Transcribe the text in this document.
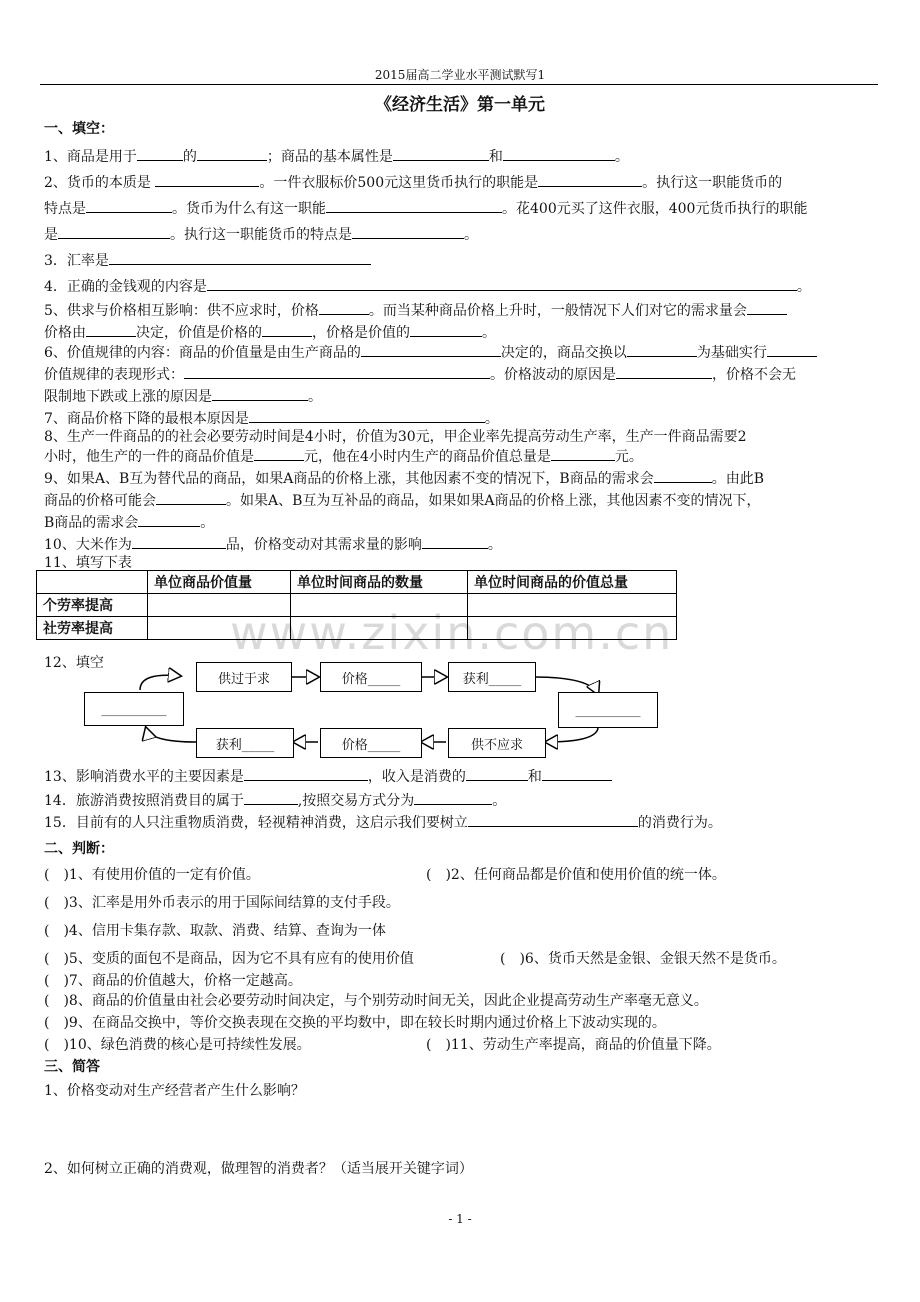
www.zixin.com.cn
2015届高二学业水平测试默写1
《经济生活》第一单元
一、填空：
1、商品是用于	的	；商品的基本属性是	和	。
2、货币的本质是	。一件衣服标价500元这里货币执行的职能是	。执行这一职能货币的
特点是	。货币为什么有这一职能	。花400元买了这件衣服，400元货币执行的职能
是	。执行这一职能货币的特点是	。
3．汇率是
4．正确的金钱观的内容是	。
5、供求与价格相互影响：供不应求时，价格	。而当某种商品价格上升时，一般情况下人们对它的需求量会
价格由	决定，价值是价格的	，价格是价值的	。
6、价值规律的内容：商品的价值量是由生产商品的	决定的，商品交换以	为基础实行
价值规律的表现形式：	。价格波动的原因是	，价格不会无
限制地下跌或上涨的原因是	。
7、商品价格下降的最根本原因是	。
8、生产一件商品的的社会必要劳动时间是4小时，价值为30元，甲企业率先提高劳动生产率，生产一件商品需要2
小时，他生产的一件的商品价值是	元，他在4小时内生产的商品价值总量是	元。
9、如果A、B互为替代品的商品，如果A商品的价格上涨，其他因素不变的情况下，B商品的需求会	。由此B
商品的价格可能会	。如果A、B互为互补品的商品，如果如果A商品的价格上涨，其他因素不变的情况下，
B商品的需求会	。
10、大米作为	品，价格变动对其需求量的影响	。
11、填写下表
	单位商品价值量	单位时间商品的数量	单位时间商品的价值总量
个劳率提高			
社劳率提高			
12、填空
供过于求	价格_____	获利_____
__________	__________
获利_____	价格_____	供不应求
13、影响消费水平的主要因素是	，收入是消费的	和
14．旅游消费按照消费目的属于	,按照交易方式分为	。
15．目前有的人只注重物质消费，轻视精神消费，这启示我们要树立	的消费行为。
二、判断：
(　)1、有使用价值的一定有价值。	(　)2、任何商品都是价值和使用价值的统一体。
(　)3、汇率是用外币表示的用于国际间结算的支付手段。
(　)4、信用卡集存款、取款、消费、结算、查询为一体
(　)5、变质的面包不是商品，因为它不具有应有的使用价值	(　)6、货币天然是金银、金银天然不是货币。
(　)7、商品的价值越大，价格一定越高。
(　)8、商品的价值量由社会必要劳动时间决定，与个别劳动时间无关，因此企业提高劳动生产率毫无意义。
(　)9、在商品交换中，等价交换表现在交换的平均数中，即在较长时期内通过价格上下波动实现的。
(　)10、绿色消费的核心是可持续性发展。	(　)11、劳动生产率提高，商品的价值量下降。
三、简答
1、价格变动对生产经营者产生什么影响？
2、如何树立正确的消费观，做理智的消费者？（适当展开关键字词）
- 1 -
